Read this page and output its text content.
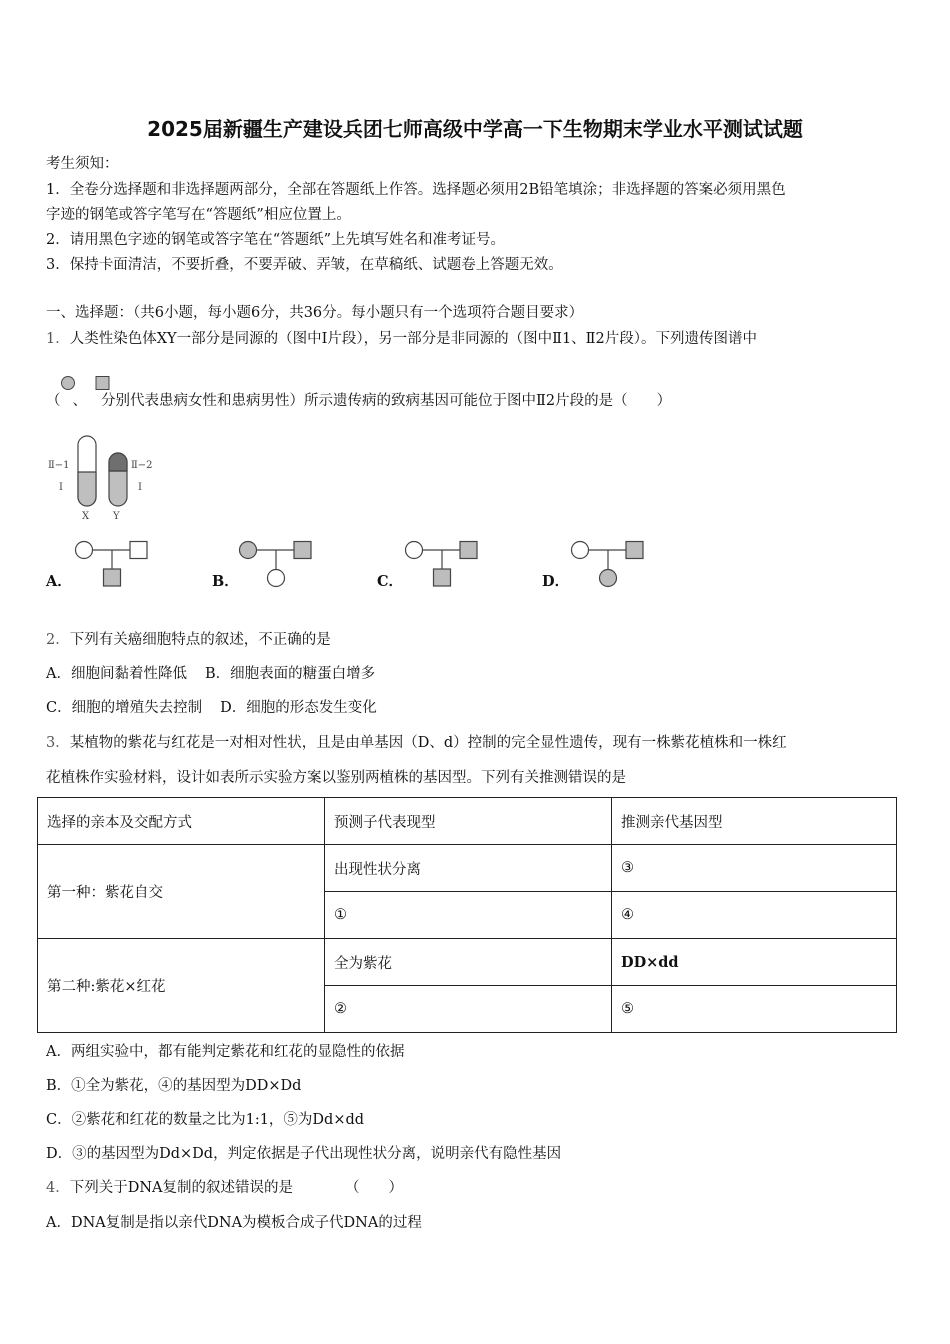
2025届新疆生产建设兵团七师高级中学高一下生物期末学业水平测试试题
考生须知：
1．全卷分选择题和非选择题两部分，全部在答题纸上作答。选择题必须用2B铅笔填涂；非选择题的答案必须用黑色
字迹的钢笔或答字笔写在“答题纸”相应位置上。
2．请用黑色字迹的钢笔或答字笔在“答题纸”上先填写姓名和准考证号。
3．保持卡面清洁，不要折叠，不要弄破、弄皱，在草稿纸、试题卷上答题无效。
一、选择题：（共6小题，每小题6分，共36分。每小题只有一个选项符合题目要求）
1．人类性染色体XY一部分是同源的（图中Ⅰ片段），另一部分是非同源的（图中Ⅱ1、Ⅱ2片段）。下列遗传图谱中
（ 、 分别代表患病女性和患病男性）所示遗传病的致病基因可能位于图中Ⅱ2片段的是（　　）
Ⅱ−1
Ⅰ
Ⅱ−2
Ⅰ
X Y
A．	B．	C．	D．
2．下列有关癌细胞特点的叙述，不正确的是
A．细胞间黏着性降低 B．细胞表面的糖蛋白增多
C．细胞的增殖失去控制 D．细胞的形态发生变化
3．某植物的紫花与红花是一对相对性状，且是由单基因（D、d）控制的完全显性遗传，现有一株紫花植株和一株红
花植株作实验材料，设计如表所示实验方案以鉴别两植株的基因型。下列有关推测错误的是
选择的亲本及交配方式	预测子代表现型	推测亲代基因型
第一种：紫花自交	出现性状分离	③
	①	④
第二种:紫花×红花	全为紫花	DD×dd
	②	⑤
A．两组实验中，都有能判定紫花和红花的显隐性的依据
B．①全为紫花，④的基因型为DD×Dd
C．②紫花和红花的数量之比为1:1，⑤为Dd×dd
D．③的基因型为Dd×Dd，判定依据是子代出现性状分离，说明亲代有隐性基因
4．下列关于DNA复制的叙述错误的是	（　　）
A．DNA复制是指以亲代DNA为模板合成子代DNA的过程
